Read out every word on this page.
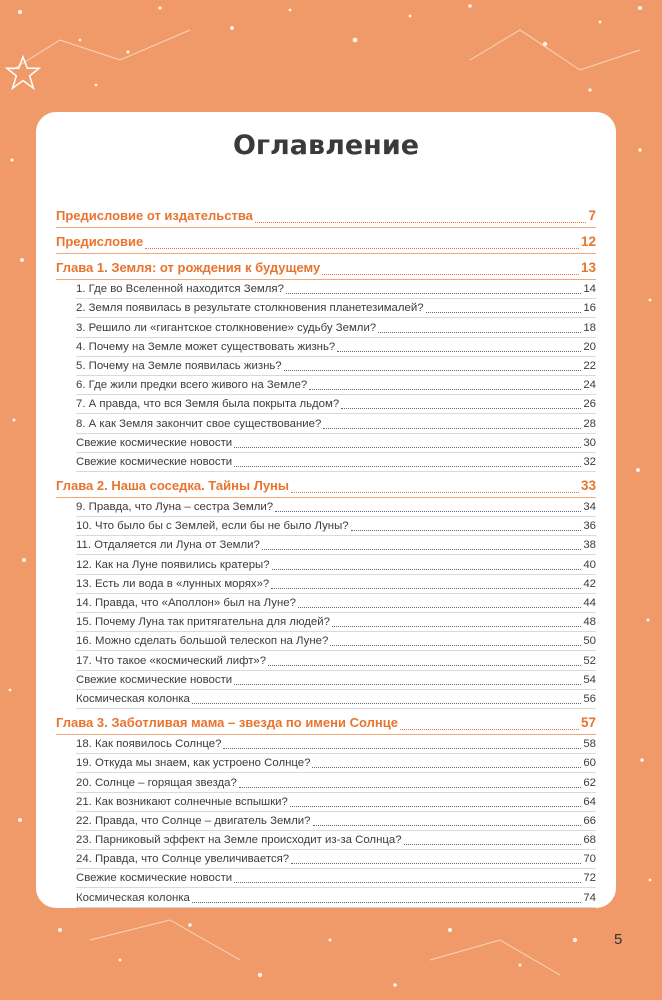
Оглавление
Предисловие от издательства	7
Предисловие	12
Глава 1. Земля: от рождения к будущему	13
1. Где во Вселенной находится Земля?	14
2. Земля появилась в результате столкновения планетезималей?	16
3. Решило ли «гигантское столкновение» судьбу Земли?	18
4. Почему на Земле может существовать жизнь?	20
5. Почему на Земле появилась жизнь?	22
6. Где жили предки всего живого на Земле?	24
7. А правда, что вся Земля была покрыта льдом?	26
8. А как Земля закончит свое существование?	28
Свежие космические новости	30
Свежие космические новости	32
Глава 2. Наша соседка. Тайны Луны	33
9. Правда, что Луна – сестра Земли?	34
10. Что было бы с Землей, если бы не было Луны?	36
11. Отдаляется ли Луна от Земли?	38
12. Как на Луне появились кратеры?	40
13. Есть ли вода в «лунных морях»?	42
14. Правда, что «Аполлон» был на Луне?	44
15. Почему Луна так притягательна для людей?	48
16. Можно сделать большой телескоп на Луне?	50
17. Что такое «космический лифт»?	52
Свежие космические новости	54
Космическая колонка	56
Глава 3. Заботливая мама – звезда по имени Солнце	57
18. Как появилось Солнце?	58
19. Откуда мы знаем, как устроено Солнце?	60
20. Солнце – горящая звезда?	62
21. Как возникают солнечные вспышки?	64
22. Правда, что Солнце – двигатель Земли?	66
23. Парниковый эффект на Земле происходит из-за Солнца?	68
24. Правда, что Солнце увеличивается?	70
Свежие космические новости	72
Космическая колонка	74
5
